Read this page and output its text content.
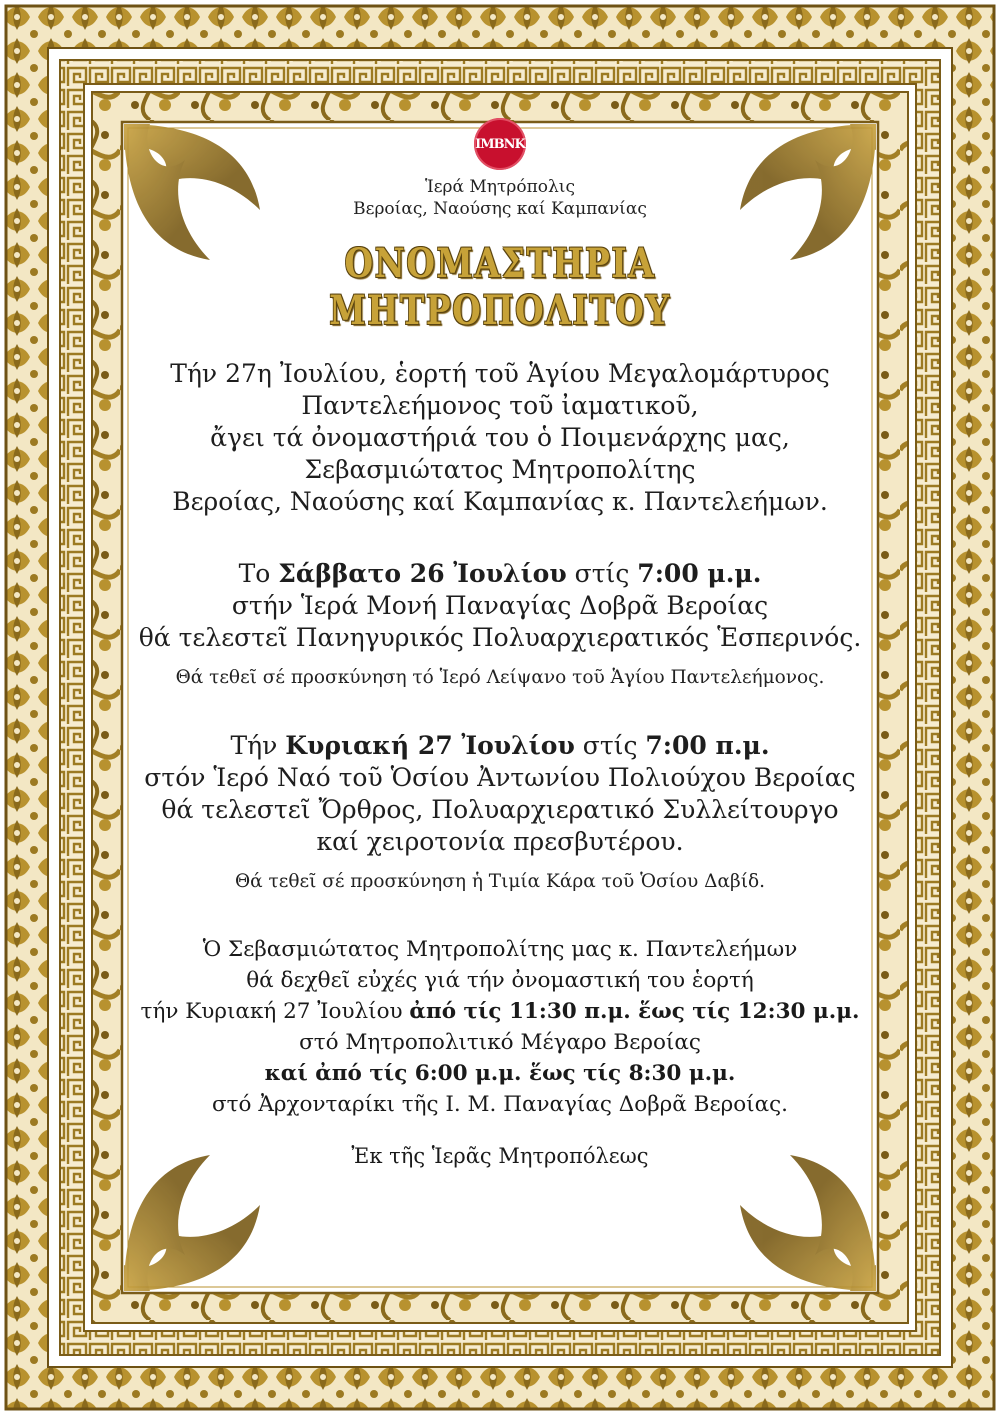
ΙΜΒΝΚ
Ἱερά Μητρόπολις
Βεροίας, Ναούσης καί Καμπανίας
ΟΝΟΜΑΣΤΗΡΙΑ ΜΗΤΡΟΠΟΛΙΤΟΥ
Τήν 27η Ἰουλίου, ἑορτή τοῦ Ἁγίου Μεγαλομάρτυρος
Παντελεήμονος τοῦ ἰαματικοῦ,
ἄγει τά ὀνομαστήριά του ὁ Ποιμενάρχης μας,
Σεβασμιώτατος Μητροπολίτης
Βεροίας, Ναούσης καί Καμπανίας κ. Παντελεήμων.
Το Σάββατο 26 Ἰουλίου στίς 7:00 μ.μ.
στήν Ἱερά Μονή Παναγίας Δοβρᾶ Βεροίας
θά τελεστεῖ Πανηγυρικός Πολυαρχιερατικός Ἑσπερινός.
Θά τεθεῖ σέ προσκύνηση τό Ἱερό Λείψανο τοῦ Ἁγίου Παντελεήμονος.
Τήν Κυριακή 27 Ἰουλίου στίς 7:00 π.μ.
στόν Ἱερό Ναό τοῦ Ὁσίου Ἀντωνίου Πολιούχου Βεροίας
θά τελεστεῖ Ὄρθρος, Πολυαρχιερατικό Συλλείτουργο
καί χειροτονία πρεσβυτέρου.
Θά τεθεῖ σέ προσκύνηση ἡ Τιμία Κάρα τοῦ Ὁσίου Δαβίδ.
Ὁ Σεβασμιώτατος Μητροπολίτης μας κ. Παντελεήμων
θά δεχθεῖ εὐχές γιά τήν ὀνομαστική του ἑορτή
τήν Κυριακή 27 Ἰουλίου ἀπό τίς 11:30 π.μ. ἕως τίς 12:30 μ.μ.
στό Μητροπολιτικό Μέγαρο Βεροίας
καί ἀπό τίς 6:00 μ.μ. ἕως τίς 8:30 μ.μ.
στό Ἀρχονταρίκι τῆς Ι. Μ. Παναγίας Δοβρᾶ Βεροίας.
Ἐκ τῆς Ἱερᾶς Μητροπόλεως
